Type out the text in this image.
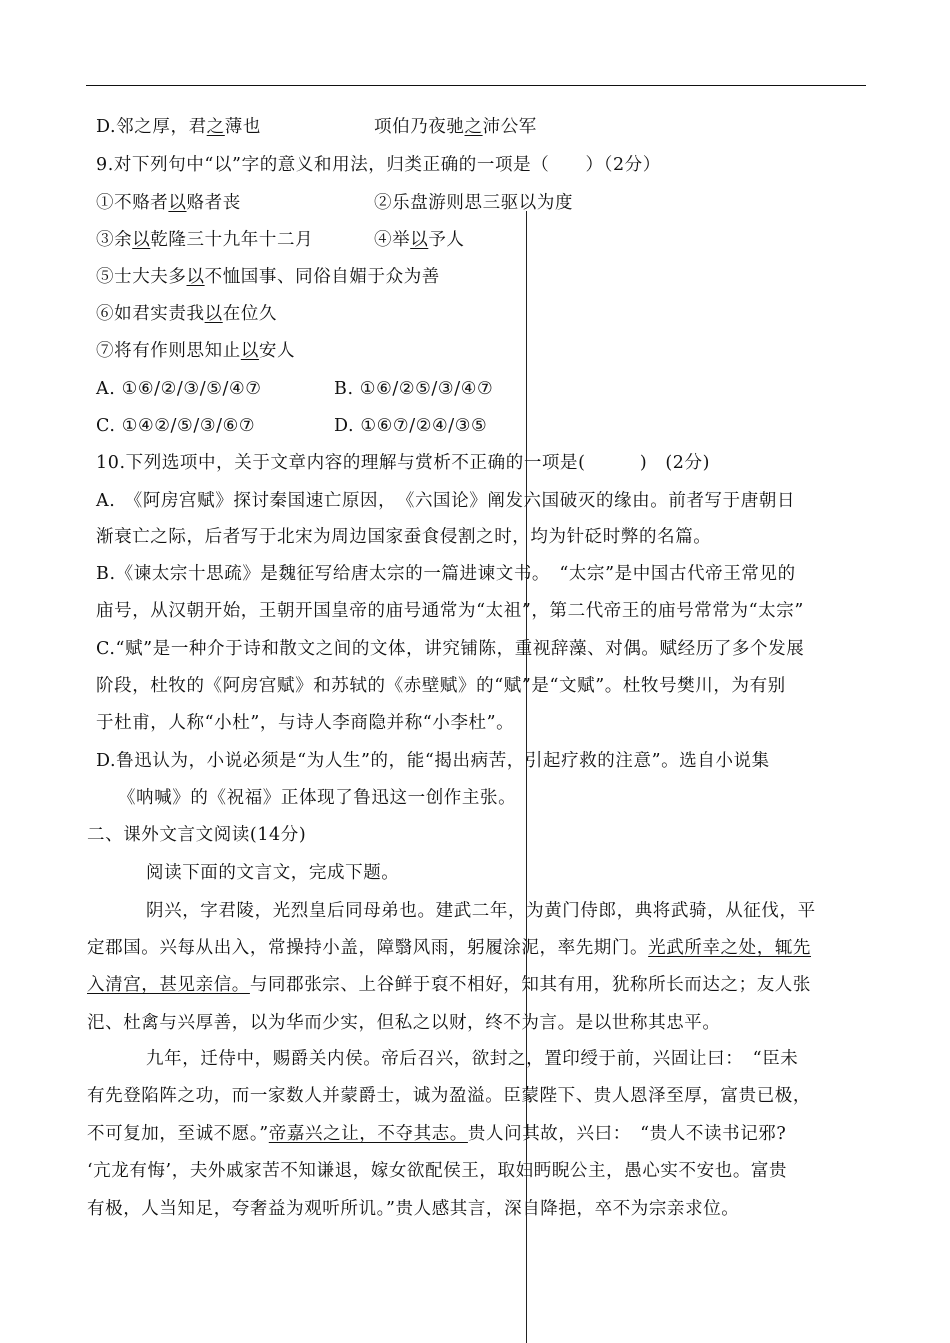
D.邻之厚，君之薄也	项伯乃夜驰之沛公军
9.对下列句中“以”字的意义和用法，归类正确的一项是（　　）（2分）
①不赂者以赂者丧	②乐盘游则思三驱以为度
③余以乾隆三十九年十二月	④举以予人
⑤士大夫多以不恤国事、同俗自媚于众为善
⑥如君实责我以在位久
⑦将有作则思知止以安人
A. ①⑥/②/③/⑤/④⑦	B. ①⑥/②⑤/③/④⑦
C. ①④②/⑤/③/⑥⑦	D. ①⑥⑦/②④/③⑤
10.下列选项中，关于文章内容的理解与赏析不正确的一项是(　　　)　(2分)
A.　《阿房宫赋》探讨秦国速亡原因，　《六国论》阐发六国破灭的缘由。前者写于唐朝日
渐衰亡之际，后者写于北宋为周边国家蚕食侵割之时，均为针砭时弊的名篇。
B.《谏太宗十思疏》是魏征写给唐太宗的一篇进谏文书。　“太宗”是中国古代帝王常见的
庙号，从汉朝开始，王朝开国皇帝的庙号通常为“太祖”，第二代帝王的庙号常常为“太宗”
C.“赋”是一种介于诗和散文之间的文体，讲究铺陈，重视辞藻、对偶。赋经历了多个发展
阶段，杜牧的《阿房宫赋》和苏轼的《赤壁赋》的“赋”是“文赋”。杜牧号樊川，为有别
于杜甫，人称“小杜”，与诗人李商隐并称“小李杜”。
D.鲁迅认为，小说必须是“为人生”的，能“揭出病苦，引起疗救的注意”。选自小说集
《呐喊》的《祝福》正体现了鲁迅这一创作主张。
二、课外文言文阅读(14分)
阅读下面的文言文，完成下题。
阴兴，字君陵，光烈皇后同母弟也。建武二年，为黄门侍郎，典将武骑，从征伐，平
定郡国。兴每从出入，常操持小盖，障翳风雨，躬履涂泥，率先期门。光武所幸之处，辄先
入清宫，甚见亲信。与同郡张宗、上谷鲜于裒不相好，知其有用，犹称所长而达之；友人张
汜、杜禽与兴厚善，以为华而少实，但私之以财，终不为言。是以世称其忠平。
九年，迁侍中，赐爵关内侯。帝后召兴，欲封之，置印绶于前，兴固让曰：　“臣未
有先登陷阵之功，而一家数人并蒙爵士，诚为盈溢。臣蒙陛下、贵人恩泽至厚，富贵已极，
不可复加，至诚不愿。”帝嘉兴之让，不夺其志。贵人问其故，兴曰：　“贵人不读书记邪?
‘亢龙有悔’，夫外戚家苦不知谦退，嫁女欲配侯王，取妇眄睨公主，愚心实不安也。富贵
有极，人当知足，夸奢益为观听所讥。”贵人感其言，深自降挹，卒不为宗亲求位。
